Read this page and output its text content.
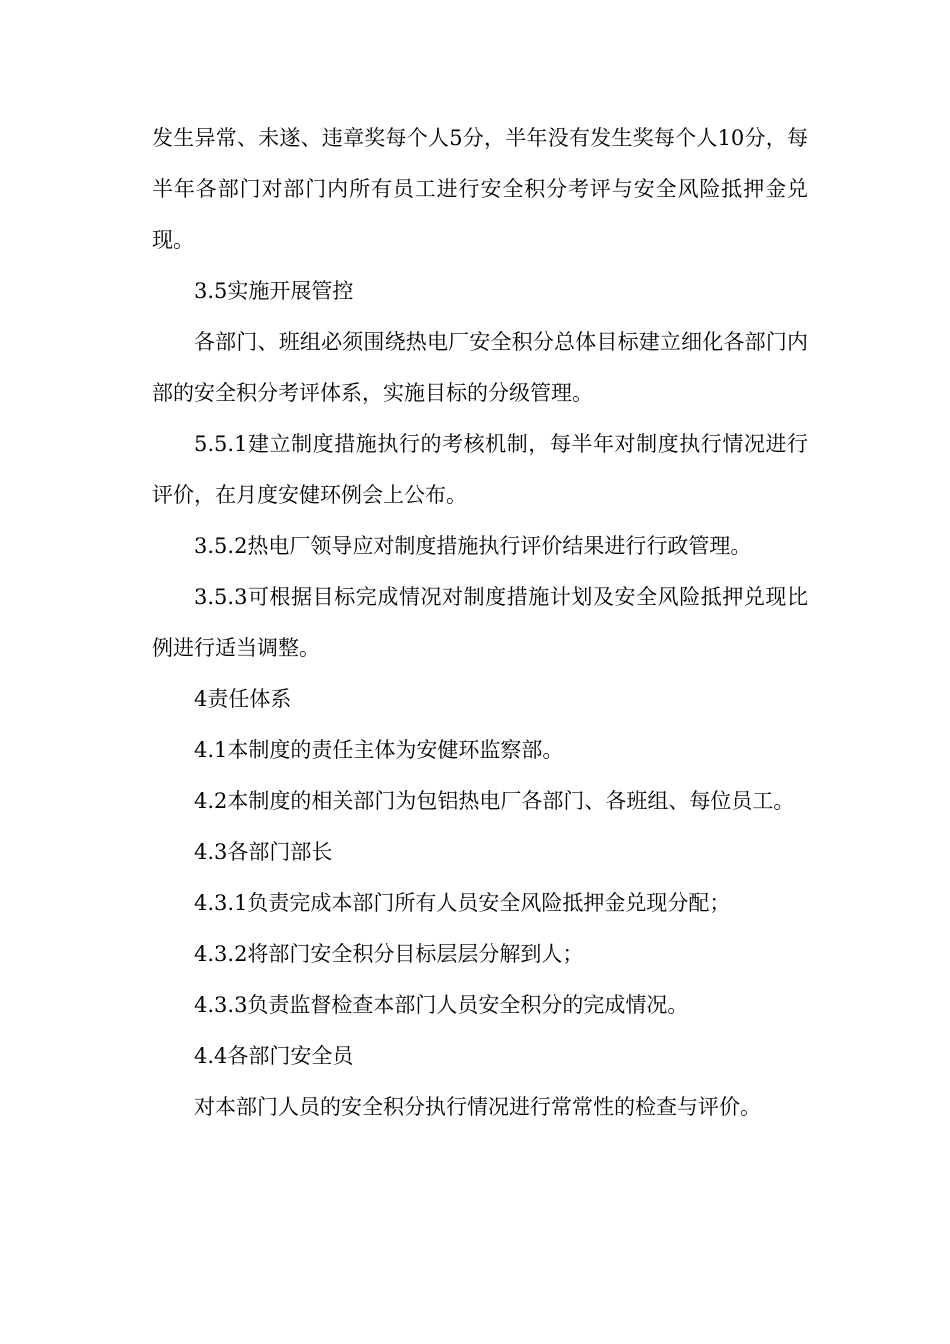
发生异常、未遂、违章奖每个人5分，半年没有发生奖每个人10分，每半年各部门对部门内所有员工进行安全积分考评与安全风险抵押金兑现。

3.5实施开展管控

各部门、班组必须围绕热电厂安全积分总体目标建立细化各部门内部的安全积分考评体系，实施目标的分级管理。

5.5.1建立制度措施执行的考核机制，每半年对制度执行情况进行评价，在月度安健环例会上公布。

3.5.2热电厂领导应对制度措施执行评价结果进行行政管理。

3.5.3可根据目标完成情况对制度措施计划及安全风险抵押兑现比例进行适当调整。

4责任体系

4.1本制度的责任主体为安健环监察部。

4.2本制度的相关部门为包铝热电厂各部门、各班组、每位员工。

4.3各部门部长

4.3.1负责完成本部门所有人员安全风险抵押金兑现分配；

4.3.2将部门安全积分目标层层分解到人；

4.3.3负责监督检查本部门人员安全积分的完成情况。

4.4各部门安全员

对本部门人员的安全积分执行情况进行常常性的检查与评价。
